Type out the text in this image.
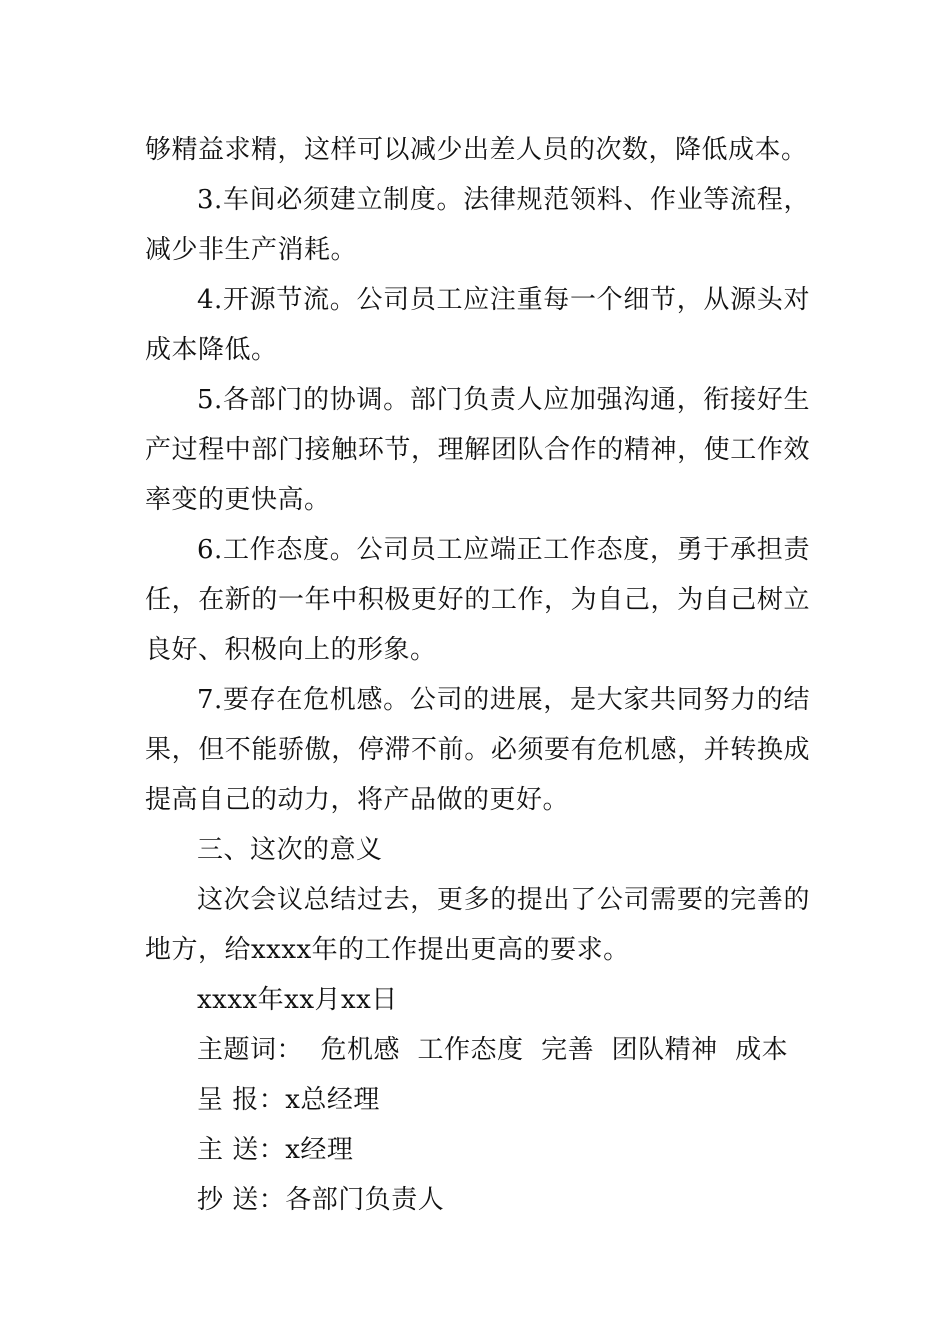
够精益求精，这样可以减少出差人员的次数，降低成本。

3.车间必须建立制度。法律规范领料、作业等流程，减少非生产消耗。

4.开源节流。公司员工应注重每一个细节，从源头对成本降低。

5.各部门的协调。部门负责人应加强沟通，衔接好生产过程中部门接触环节，理解团队合作的精神，使工作效率变的更快高。

6.工作态度。公司员工应端正工作态度，勇于承担责任，在新的一年中积极更好的工作，为自己，为自己树立良好、积极向上的形象。

7.要存在危机感。公司的进展，是大家共同努力的结果，但不能骄傲，停滞不前。必须要有危机感，并转换成提高自己的动力，将产品做的更好。

三、这次的意义

这次会议总结过去，更多的提出了公司需要的完善的地方，给xxxx年的工作提出更高的要求。

xxxx年xx月xx日

主题词：  危机感  工作态度  完善  团队精神  成本

呈 报：x总经理

主 送：x经理

抄 送：各部门负责人
